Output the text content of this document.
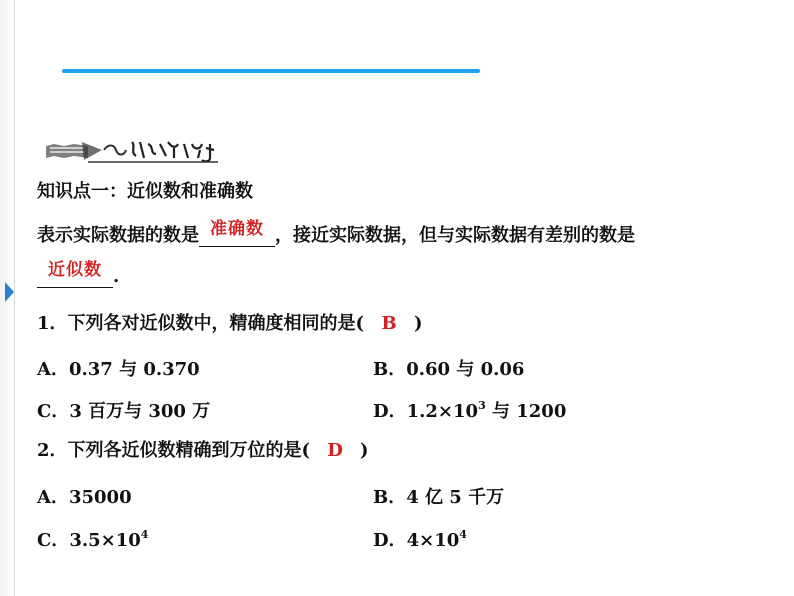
知识点一：近似数和准确数
表示实际数据的数是 准确数 ，接近实际数据，但与实际数据有差别的数是
近似数 .
1．下列各对近似数中，精确度相同的是( B )
A．0.37 与 0.370	B．0.60 与 0.06
C．3 百万与 300 万	D．$1.2\times 10^3$ 与 1200
2．下列各近似数精确到万位的是( D )
A．35000	B．4 亿 5 千万
C．$3.5\times 10^4$	D．$4\times 10^4$
